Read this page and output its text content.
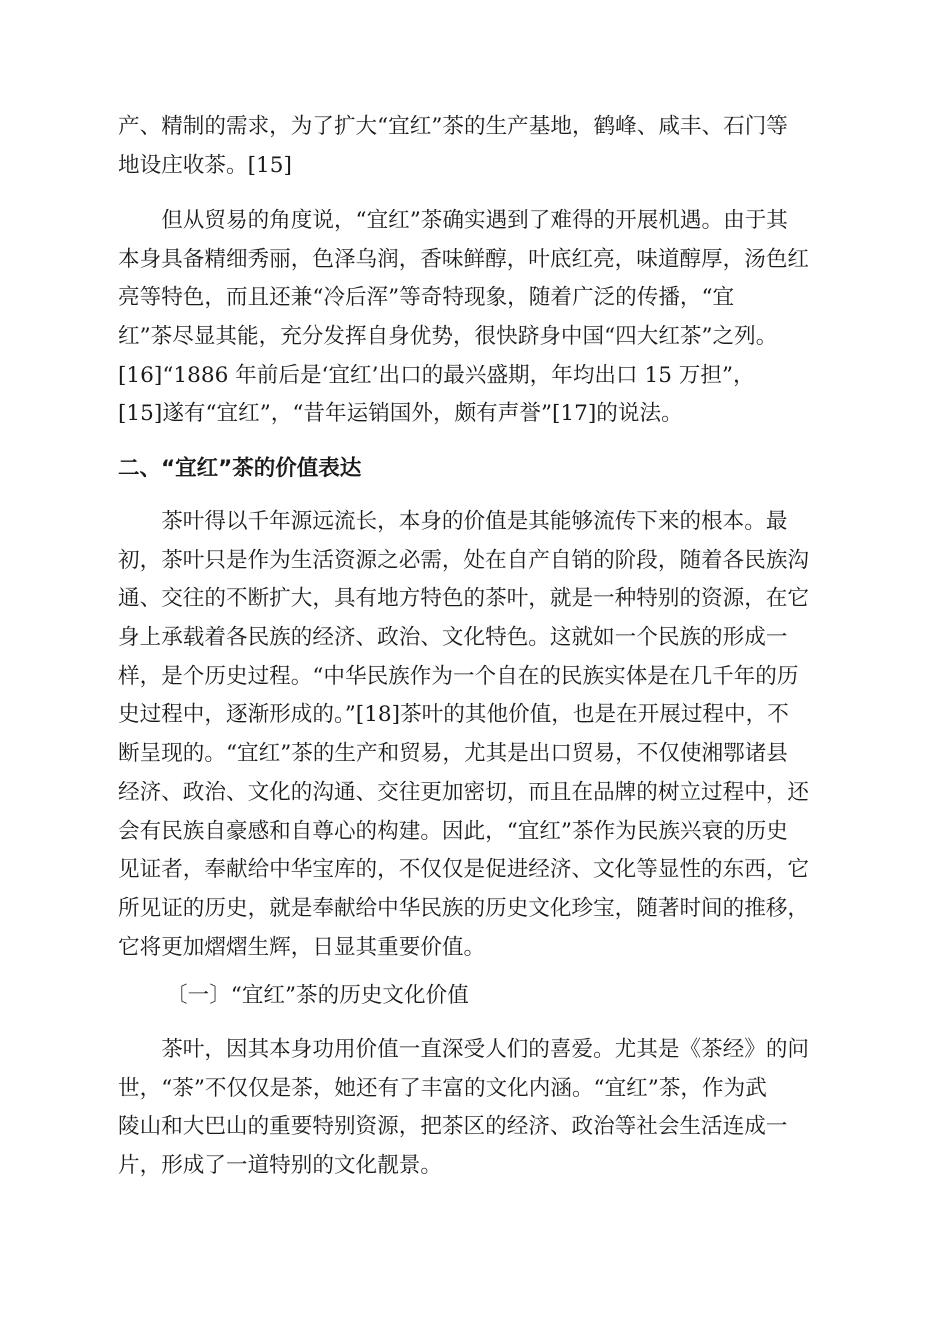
产、精制的需求，为了扩大“宜红”茶的生产基地，鹤峰、咸丰、石门等
地设庄收茶。[15]
　　但从贸易的角度说，“宜红”茶确实遇到了难得的开展机遇。由于其
本身具备精细秀丽，色泽乌润，香味鲜醇，叶底红亮，味道醇厚，汤色红
亮等特色，而且还兼“冷后浑”等奇特现象，随着广泛的传播，“宜
红”茶尽显其能，充分发挥自身优势，很快跻身中国“四大红茶”之列。
[16]“1886 年前后是‘宜红’出口的最兴盛期，年均出口 15 万担”，
[15]遂有“宜红”，“昔年运销国外，颇有声誉”[17]的说法。
二、“宜红”茶的价值表达
　　茶叶得以千年源远流长，本身的价值是其能够流传下来的根本。最
初，茶叶只是作为生活资源之必需，处在自产自销的阶段，随着各民族沟
通、交往的不断扩大，具有地方特色的茶叶，就是一种特别的资源，在它
身上承载着各民族的经济、政治、文化特色。这就如一个民族的形成一
样，是个历史过程。“中华民族作为一个自在的民族实体是在几千年的历
史过程中，逐渐形成的。”[18]茶叶的其他价值，也是在开展过程中，不
断呈现的。“宜红”茶的生产和贸易，尤其是出口贸易，不仅使湘鄂诸县
经济、政治、文化的沟通、交往更加密切，而且在品牌的树立过程中，还
会有民族自豪感和自尊心的构建。因此，“宜红”茶作为民族兴衰的历史
见证者，奉献给中华宝库的，不仅仅是促进经济、文化等显性的东西，它
所见证的历史，就是奉献给中华民族的历史文化珍宝，随著时间的推移，
它将更加熠熠生辉，日显其重要价值。
〔一〕“宜红”茶的历史文化价值
　　茶叶，因其本身功用价值一直深受人们的喜爱。尤其是《茶经》的问
世，“茶”不仅仅是茶，她还有了丰富的文化内涵。“宜红”茶，作为武
陵山和大巴山的重要特别资源，把茶区的经济、政治等社会生活连成一
片，形成了一道特别的文化靓景。
